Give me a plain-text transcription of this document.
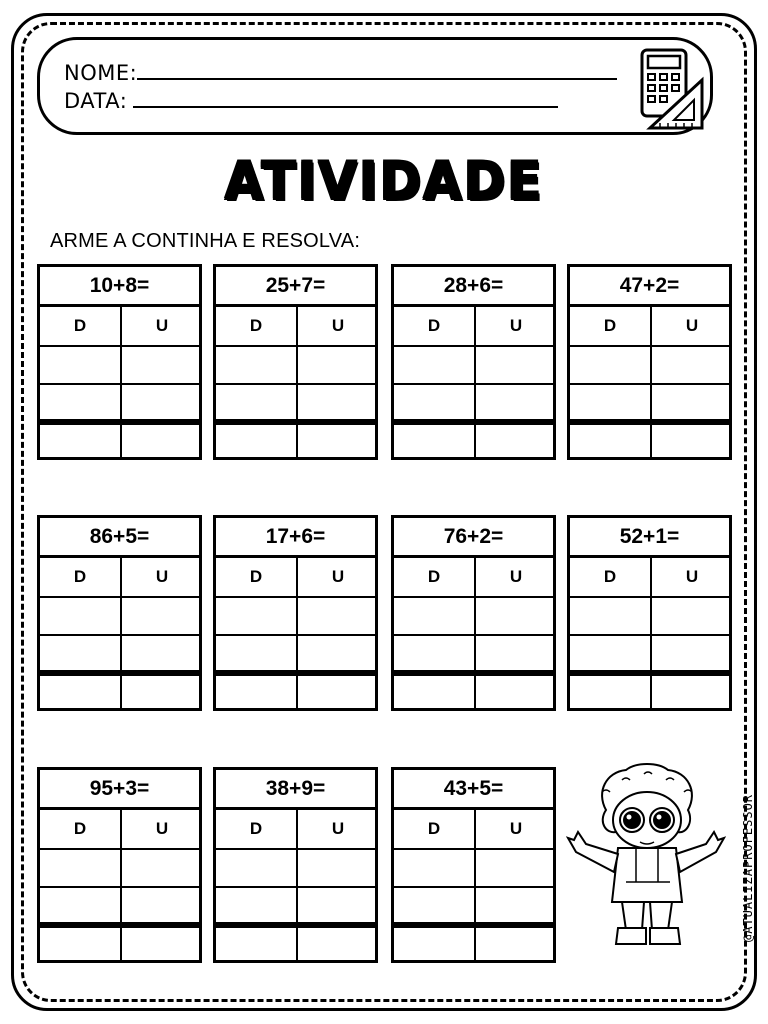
NOME:
DATA:
ATIVIDADE
ARME A CONTINHA E RESOLVA:
10+8=
D	U
25+7=
D	U
28+6=
D	U
47+2=
D	U
86+5=
D	U
17+6=
D	U
76+2=
D	U
52+1=
D	U
95+3=
D	U
38+9=
D	U
43+5=
D	U	@ATUALIZAPROFESSOR
